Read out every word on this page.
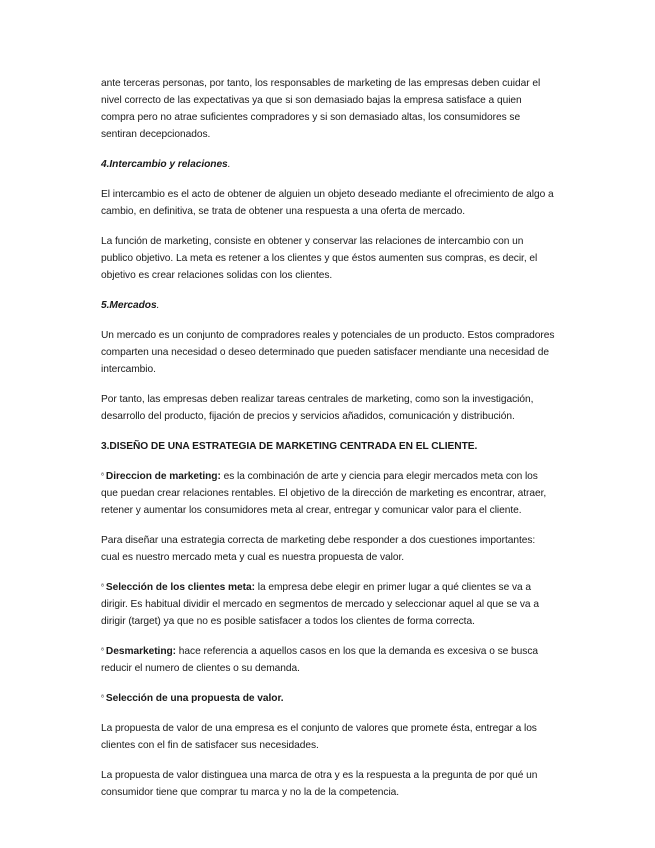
ante terceras personas, por tanto, los responsables de marketing de las empresas deben cuidar el nivel correcto de las expectativas ya que si son demasiado bajas la empresa satisface a quien compra pero no atrae suficientes compradores y si son demasiado altas, los consumidores se sentiran decepcionados.

4.Intercambio y relaciones.

El intercambio es el acto de obtener de alguien un objeto deseado mediante el ofrecimiento de algo a cambio, en definitiva, se trata de obtener una respuesta a una oferta de mercado.

La función de marketing, consiste en obtener y conservar las relaciones de intercambio con un publico objetivo. La meta es retener a los clientes y que éstos aumenten sus compras, es decir, el objetivo es crear relaciones solidas con los clientes.

5.Mercados.

Un mercado es un conjunto de compradores reales y potenciales de un producto. Estos compradores comparten una necesidad o deseo determinado que pueden satisfacer mendiante una necesidad de intercambio.

Por tanto, las empresas deben realizar tareas centrales de marketing, como son la investigación, desarrollo del producto, fijación de precios y servicios añadidos, comunicación y distribución.

3.DISEÑO DE UNA ESTRATEGIA DE MARKETING CENTRADA EN EL CLIENTE.

$^{^8}$ Direccion de marketing: es la combinación de arte y ciencia para elegir mercados meta con los que puedan crear relaciones rentables. El objetivo de la dirección de marketing es encontrar, atraer, retener y aumentar los consumidores meta al crear, entregar y comunicar valor para el cliente.

Para diseñar una estrategia correcta de marketing debe responder a dos cuestiones importantes: cual es nuestro mercado meta y cual es nuestra propuesta de valor.

$^{^8}$ Selección de los clientes meta: la empresa debe elegir en primer lugar a qué clientes se va a dirigir. Es habitual dividir el mercado en segmentos de mercado y seleccionar aquel al que se va a dirigir (target) ya que no es posible satisfacer a todos los clientes de forma correcta.

$^{^8}$ Desmarketing: hace referencia a aquellos casos en los que la demanda es excesiva o se busca reducir el numero de clientes o su demanda.

$^{^8}$ Selección de una propuesta de valor.

La propuesta de valor de una empresa es el conjunto de valores que promete ésta, entregar a los clientes con el fin de satisfacer sus necesidades.

La propuesta de valor distinguea una marca de otra y es la respuesta a la pregunta de por qué un consumidor tiene que comprar tu marca y no la de la competencia.
